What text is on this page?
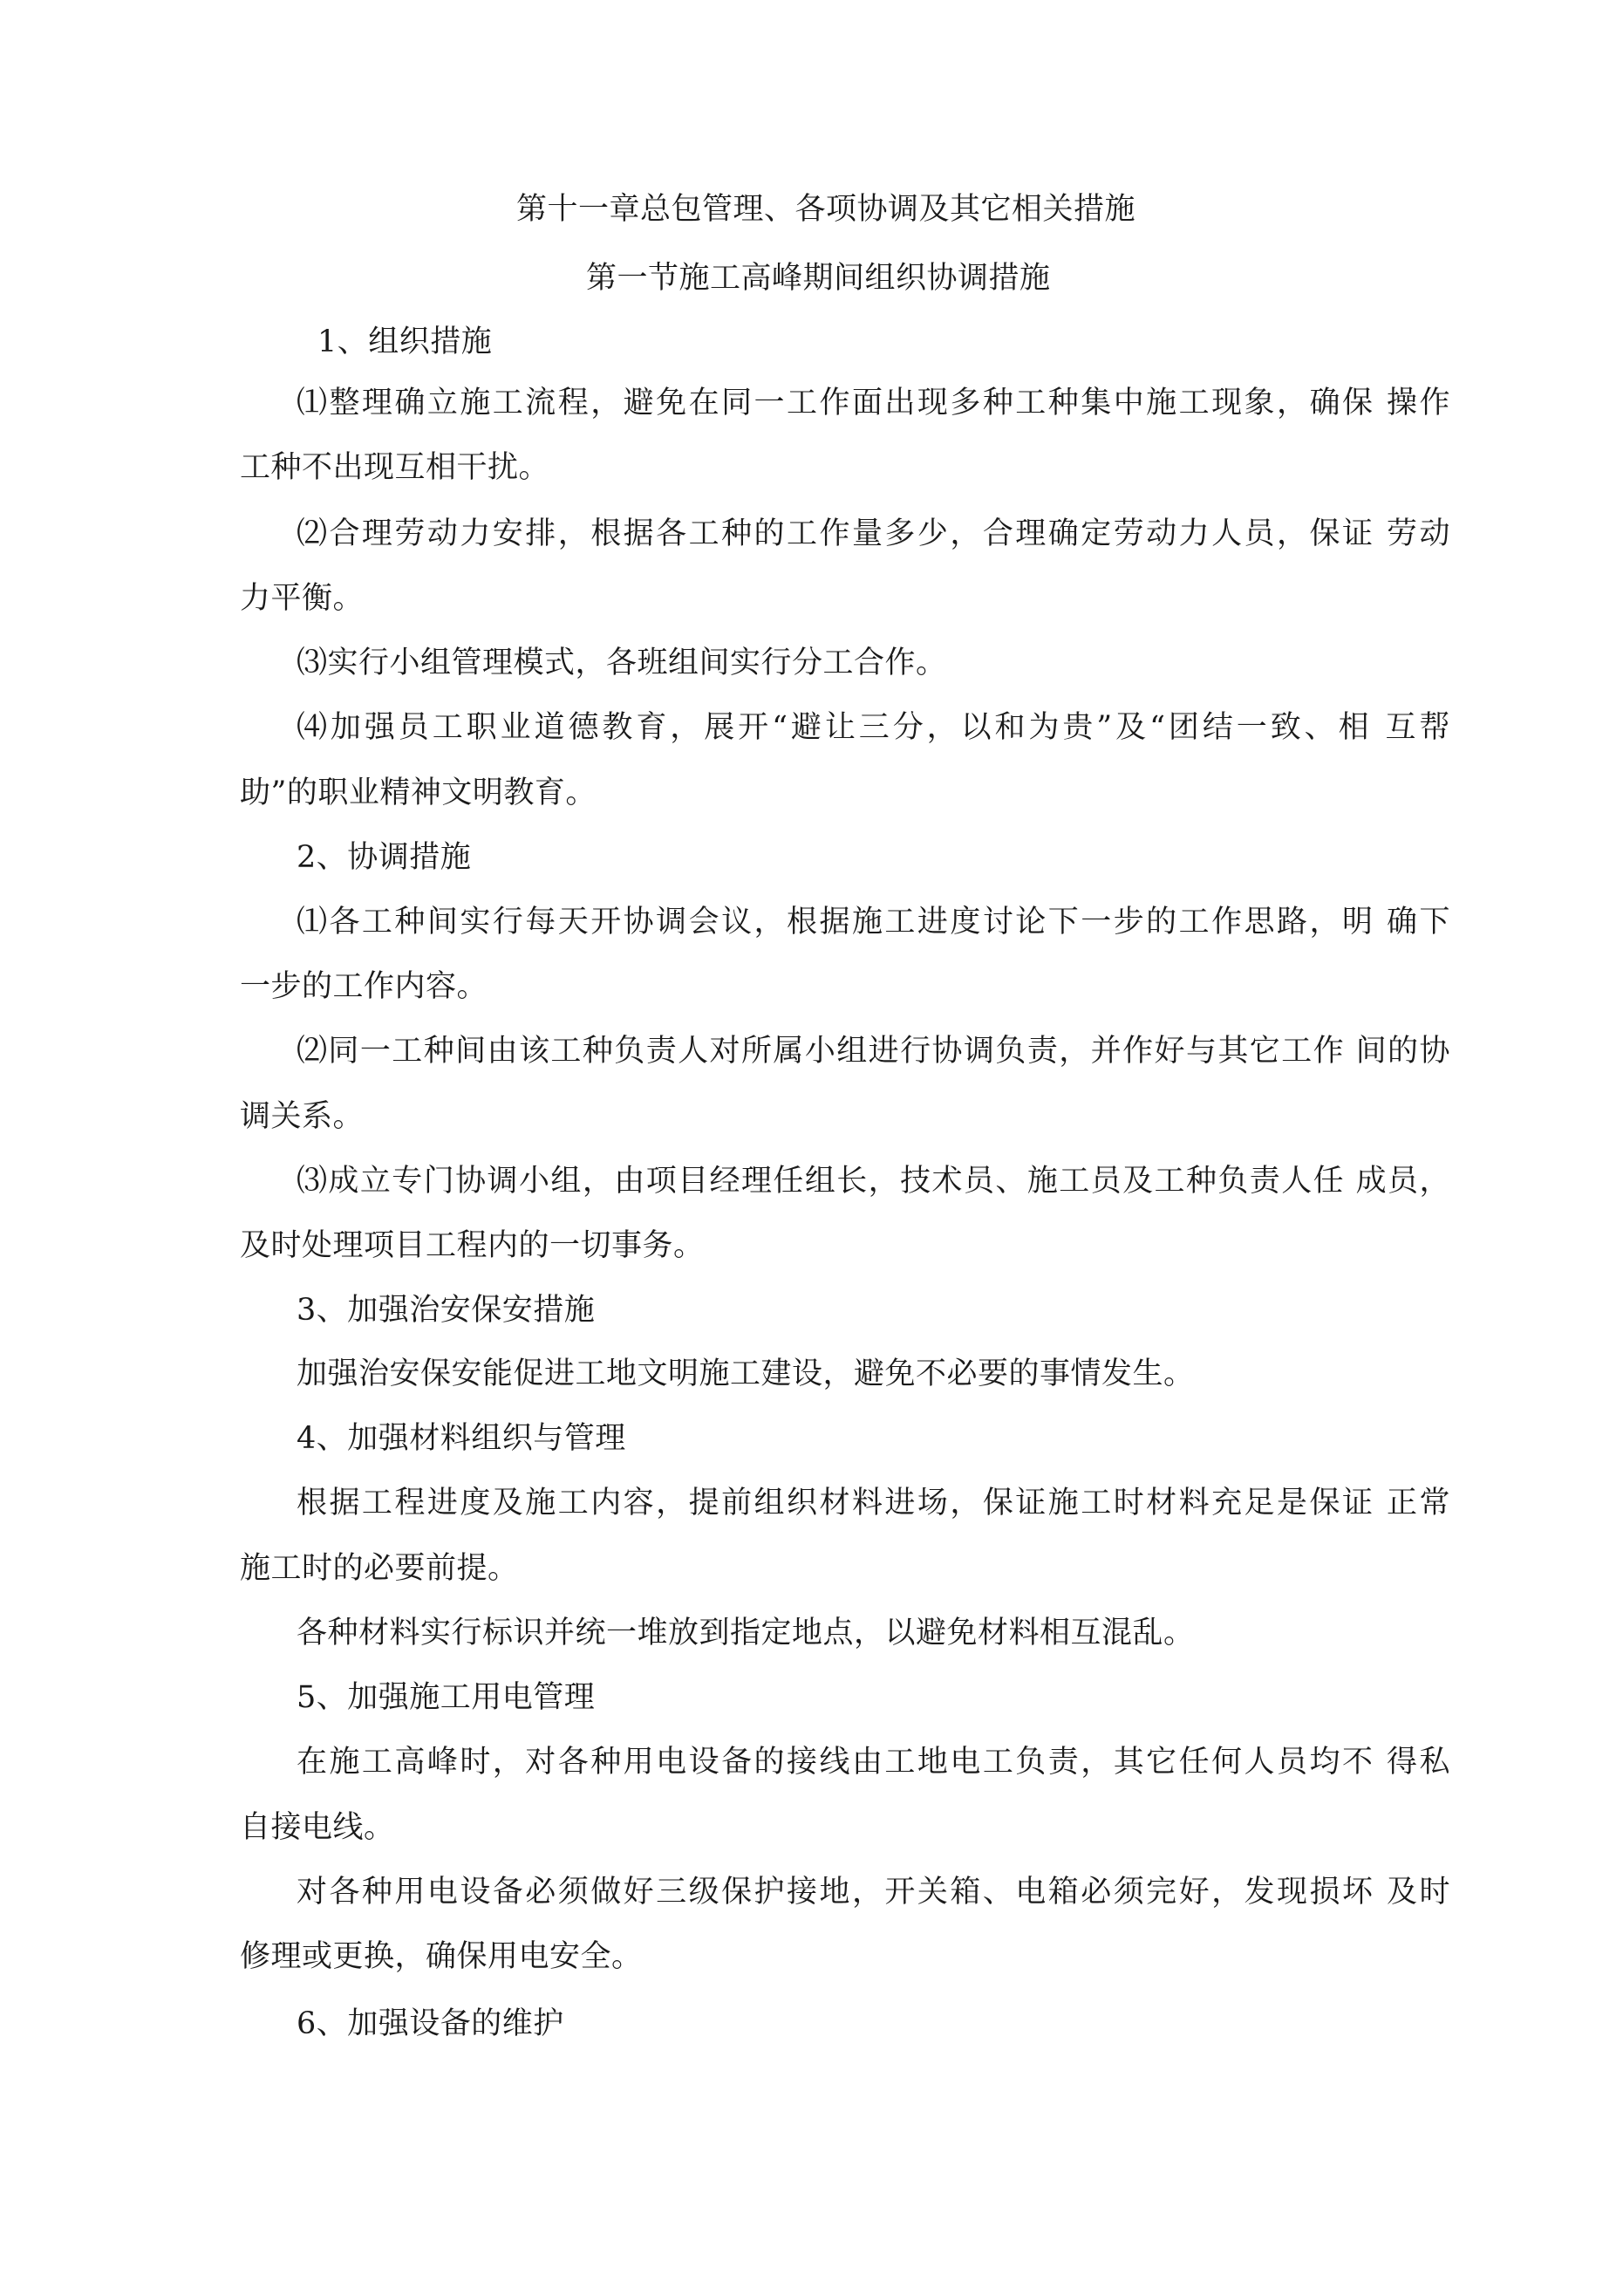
第十一章总包管理、各项协调及其它相关措施
第一节施工高峰期间组织协调措施
1、组织措施
⑴整理确立施工流程，避免在同一工作面出现多种工种集中施工现象，确保 操作
工种不出现互相干扰。
⑵合理劳动力安排，根据各工种的工作量多少，合理确定劳动力人员，保证 劳动
力平衡。
⑶实行小组管理模式，各班组间实行分工合作。
⑷加强员工职业道德教育，展开“避让三分，以和为贵”及“团结一致、相 互帮
助”的职业精神文明教育。
2、协调措施
⑴各工种间实行每天开协调会议，根据施工进度讨论下一步的工作思路，明 确下
一步的工作内容。
⑵同一工种间由该工种负责人对所属小组进行协调负责，并作好与其它工作 间的协
调关系。
⑶成立专门协调小组，由项目经理任组长，技术员、施工员及工种负责人任 成员，
及时处理项目工程内的一切事务。
3、加强治安保安措施
加强治安保安能促进工地文明施工建设，避免不必要的事情发生。
4、加强材料组织与管理
根据工程进度及施工内容，提前组织材料进场，保证施工时材料充足是保证 正常
施工时的必要前提。
各种材料实行标识并统一堆放到指定地点，以避免材料相互混乱。
5、加强施工用电管理
在施工高峰时，对各种用电设备的接线由工地电工负责，其它任何人员均不 得私
自接电线。
对各种用电设备必须做好三级保护接地，开关箱、电箱必须完好，发现损坏 及时
修理或更换，确保用电安全。
6、加强设备的维护
